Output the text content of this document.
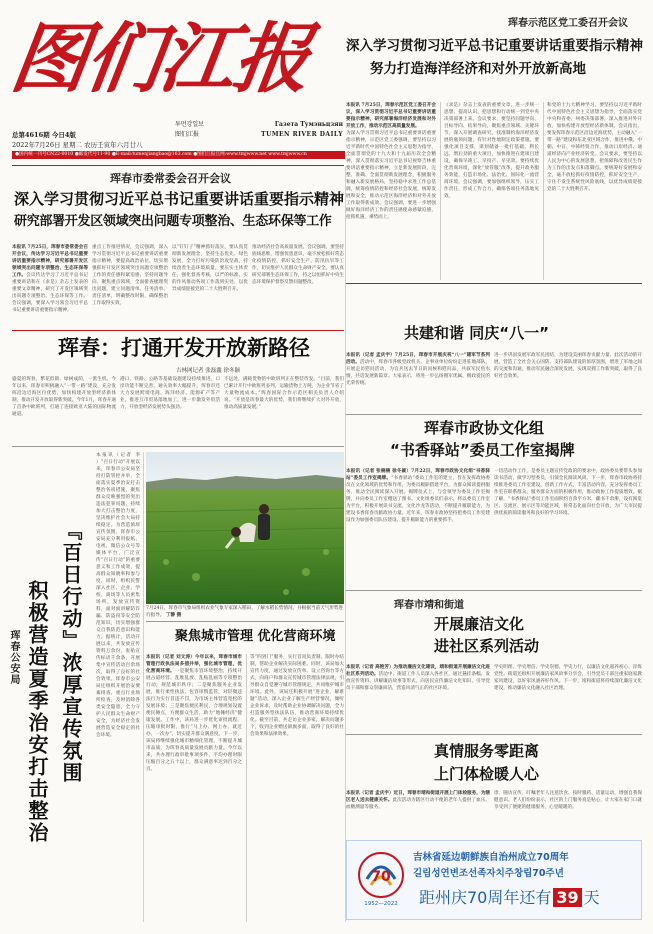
图们江报
总第4616期 今日4版
2022年7月26日 星期二 农历壬寅年六月廿八
투먼강일보	Газета Тумэньцзян
图们江报	TUMEN RIVER DAILY
●国内统一刊号CN22-0010 ●邮发代号11-90 ●E-mail:tumenjiangbao@163.com ●图们江报官网:www.tmjwww.net www.tmjwww.cn
珲春示范区党工委召开会议
深入学习贯彻习近平总书记重要讲话重要指示精神
努力打造海洋经济和对外开放新高地
本报讯 7月25日，珲春示范区党工委召开会议，深入学习贯彻习近平总书记重要讲话重要指示精神，研究部署海洋经济发展和对外开放工作，推动示范区高质量发展。
为深入学习贯彻习近平总书记重要讲话重要指示精神，示范区党工委强调，要坚持以习近平新时代中国特色社会主义思想为指导，全面贯彻党的十九大和十九届历次全会精神，深入贯彻落实习近平总书记视察吉林重要讲话重要指示精神，立足新发展阶段，完整、准确、全面贯彻新发展理念，积极服务和融入新发展格局，坚持稳中求进工作总基调，统筹疫情防控和经济社会发展，统筹发展和安全，推动示范区海洋经济和对外开放工作取得新成效。会议强调，要进一步增强做好海洋经济工作的责任感使命感紧迫感，抢抓机遇，乘势而上。
《求是》杂志上发表的重要文章，进一步统一思想、提高认识，把思想和行动统一到党中央决策部署上来。会议要求，要坚持问题导向、目标导向、结果导向，聚焦重点领域、关键环节，深入开展调查研究，找准制约海洋经济发展的瓶颈问题，有针对性地制定政策措施。要强化项目支撑，谋划储备一批打基础、利长远、增后劲的重大项目，加快推进在建项目建设，确保早竣工、早投产、早见效。要持续优化营商环境，深化“放管服”改革，提升政务服务效能，打造市场化、法治化、国际化一流营商环境。会议强调，要加强组织领导，压实工作责任，形成工作合力，确保各项任务落地见效。
和党的十九大精神学习、要坚持以习近平新时代中国特色社会主义思想为指导，全面落实党中央和省委、州委决策部署，深入推进对外开放，加快构建开放型经济新体制。会议指出，要发挥珲春示范区沿边近海优势，主动融入“一带一路”建设和东北亚区域合作，推进中俄、中朝、中日、中韩经贸合作，推动口岸经济、通道经济向产业经济转变。会议要求，要坚持以人民为中心的发展思想，把保障和改善民生作为工作的出发点和落脚点。要统筹好发展和安全，毫不放松抓好疫情防控，抓好安全生产，守住不发生系统性风险底线，以优异成绩迎接党的二十大胜利召开。
珲春市委常委会召开会议
深入学习贯彻习近平总书记重要讲话重要指示精神
研究部署开发区领域突出问题专项整治、生态环保等工作
本报讯 7月25日，珲春市委常委会召开会议，传达学习习近平总书记重要讲话重要指示精神，研究部署开发区领域突出问题专项整治、生态环保等工作。会议传达学习了习近平总书记重要讲话和在《求是》杂志上发表的重要文章精神，研究了开发区领域突出问题专项整治、生态环保等工作。会议强调，要深入学习领会习近平总书记重要讲话重要指示精神。
重点工作推进情况，会议强调，深入学习贯彻习近平总书记重要讲话重要指示精神，要提高政治站位，切实增强抓好开发区领域突出问题专项整治工作的责任感和紧迫感，坚持问题导向，聚焦重点领域，全面排查梳理突出问题，建立问题清单、任务清单、责任清单，明确整改时限，确保整治工作取得实效。
以“钉钉子”精神抓好落实，要认真贯彻新发展理念，坚持生态优先、绿色发展，全力打好污染防治攻坚战，持续改善生态环境质量。要压实主体责任，强化督查考核，以严的标准、实的作风推动各项工作落到实处，以优异成绩迎接党的二十大胜利召开。
推动经济社会高质量发展。会议强调，要坚持底线思维，增强忧患意识，毫不放松抓好常态化疫情防控，抓好安全生产、防汛抗旱等工作，切实维护人民群众生命财产安全。要认真研究部署生态环保工作，持之以恒抓好中央生态环境保护督察反馈问题整改。
珲春：打通开发开放新路径
吉林网记者 张磊鑫 徐冬颖
盛夏的珲春，繁花似锦、绿树成荫，一派生机。今年以来，珲春市积极融入“一带一路”建设，充分发挥沿边近海区位优势，加快构建开放型经济新体制，推动开发开放取得新突破。今年1月，珲春开通了首条中欧班列，打通了连接欧亚大陆的国际物流通道。
港口、铁路、公路等基础设施建设持续推进，口岸功能不断完善，通关效率大幅提升。珲春市还大力发展跨境电商、海洋经济、能源矿产等产业，推进互市贸易落地加工，进一步激发外贸活力，开放型经济发展势头强劲。
不远处，满载货物的中欧班列正在整装待发。“目前，我们已累计开行中欧班列多列，运输货物上万吨，为企业节省了大量物流成本。”珲春国际合作示范区相关负责人介绍说。“开放是珲春最大的优势，我们将继续扩大对外开放，推动高质量发展。”
珲春公安局 『百日行动』浓厚宣传氛围
积极营造夏季治安打击整治
本报讯（记者 李 ）“百日行动”开展以来，珲春市公安局坚持打防管控并举，全面落实夏季治安打击整治各项措施，聚焦群众反映强烈的突出违法犯罪问题，持续加大打击整治力度，坚决维护社会大局持续稳定。为营造浓厚宣传氛围，珲春市公安局充分利用报纸、电视、微信公众号等媒体平台，广泛宣传“百日行动”的重要意义和工作成效，提高群众知晓率和参与度。同时，组织民警深入社区、企业、学校、商场等人员密集场所，发放宣传资料，面对面讲解防诈骗、防盗窃等安全防范知识，切实增强群众自我防范意识和能力。据统计，活动开展以来，共发放宣传资料万余份，张贴宣传标语千余条，开展集中宣传活动百余场次，取得了良好的社会效果。珲春市公安局还组织开展治安要素排查、重点行业场所检查，及时消除各类安全隐患，全力守护人民群众生命财产安全，为经济社会发展营造安全稳定的社会环境。
7月24日，珲春市气象局组织农业气象专家深入稻田，了解水稻长势情况，并根据当前天气形势进行指导。 丁静 摄
聚焦城市管理 优化营商环境
本报讯（记者 刘文涛）今年以来，珲春市城市管理行政执法局多措并举，强化城市管理，优化营商环境。一是聚焦市容环境整治，持续开展占道经营、乱堆乱放、乱贴乱画等专项整治行动，规范城市秩序；二是聚焦服务企业发展，推行柔性执法、包容审慎监管，对轻微违法行为实行首违不罚，为市场主体营造宽松的发展环境；三是聚焦便民利民，合理规划设置便民摊点，方便群众生活，助力“地摊经济”健康发展。工作中，该局进一步优化审批流程，压缩审批时限，推行“马上办、网上办、就近办、一次办”，切实提升群众满意度。下一步，该局将继续强化城市精细化管理，不断提升城市品质，为珲春高质量发展贡献力量。今年以来，共办理行政审批事项多件，平均办理时限压缩百分之五十以上，群众满意率达到百分之百。
等“四到门”服务，实行首问负责制、限时办结制，帮助企业解决实际困难。同时，该局加大宣传力度，通过发放宣传单、设立咨询台等方式，向商户和群众宣传城市管理法律法规，引导群众自觉遵守城市管理规定，共同维护城市环境。此外，该局还积极开展“进企业、解难题”活动，深入企业了解生产经营情况，倾听企业诉求，及时帮助企业协调解决问题，全力打造服务型执法队伍，推动营商环境持续优化。截至目前，共走访企业多家，解决问题多个，收到企业赠送锦旗多面，取得了良好的社会效果和法律效果。
共建和谐 同庆“八一”
本报讯（记者 孟庆宇）7月25日，珲春市开展庆祝“八一”建军节系列活动。活动中，珲春市各级党政机关、企事业单位纷纷走进驻地部队，开展走访慰问活动，为官兵送去节日的问候和慰问品，共叙军民鱼水情，共话发展新篇章。大家表示，将进一步弘扬拥军优属、拥政爱民的光荣传统。
进一步巩固发展军政军民团结，为建设美丽珲春贡献力量。此次活动的开展，营造了全社会关心国防、支持部队建设的浓厚氛围，增进了军地之间的交流和沟通，推动军民融合深度发展，实现双拥工作新突破，取得了良好社会效果。
珲春市政协文化组
“书香驿站”委员工作室揭牌
本报讯（记者 张楠楠 徐冬颖）7月22日，珲春市政协文化组“书香驿站”委员工作室揭牌。“书香驿站”委员工作室的建立，旨在发挥政协委员在文化领域的优势和作用，为委员履职搭建平台，为群众阅读提供服务，推动全民阅读深入开展。揭牌仪式上，与会领导为委员工作室揭牌，并向委员工作室赠送了图书。文化组委员们表示，将以委员工作室为平台，积极开展读书交流、文化沙龙等活动，不断提升履职能力，为建设书香珲春贡献政协力量。近年来，珲春市政协坚持把委员工作室建设作为加强委员队伍建设、提升履职能力的重要抓手。
一切活动作工作，是委员主题宣传党政的的要求中，政协委员要带头参加读书活动，做学习型委员，引领全民阅读风尚。下一步，珲春市政协将持续推进委员工作室建设，创新工作方式，丰富活动内容，充分发挥委员工作室在联系群众、服务群众方面的积极作用，推动政协工作提质增效。据了解，“书香驿站”委员工作室面积约百余平方米，藏书千余册，设有阅览区、交流区、展示区等功能区域，将常态化面向社会开放，为广大市民提供优质的阅读服务和良好的学习环境。
珲春市靖和街道
开展廉洁文化
进社区系列活动
本报讯（记者 高艳芳）为推动廉洁文化建设，靖和街道开展廉洁文化进社区系列活动。活动中，街道工作人员深入各社区，通过悬挂条幅、发放宣传资料、讲解廉洁故事等形式，向居民宣传廉洁文化知识，引导党员干部和群众崇廉尚洁，营造风清气正的社区环境。
学史明理、学史增信、学史崇德、学史力行，以廉洁文化滋养初心、淬炼党性。街道还组织开展廉洁家风故事分享会，引导党员干部注重家庭家教家风建设，以好家风涵养好作风。下一步，靖和街道将持续深化廉洁文化建设，推动廉洁文化融入社区治理。
真情服务零距离
上门体检暖人心
本报讯（记者 孟庆宇）近日，珲春市靖和街道开展上门体检服务，为辖区老人送去健康关怀。此次活动为辖区行动不便的老年人提供了血压、血糖测量等服务。
诊、随访宣传，叮嘱老年人注意饮食、按时服药、适量运动，增强自我保健意识。老人们纷纷表示，社区的上门服务真是贴心，让大家在家门口就享受到了便捷的健康服务，心里暖暖的。
70
1952—2022
吉林省延边朝鲜族自治州成立70周年
길림성연변조선족자치주창립70주년
距州庆70周年还有 39 天
